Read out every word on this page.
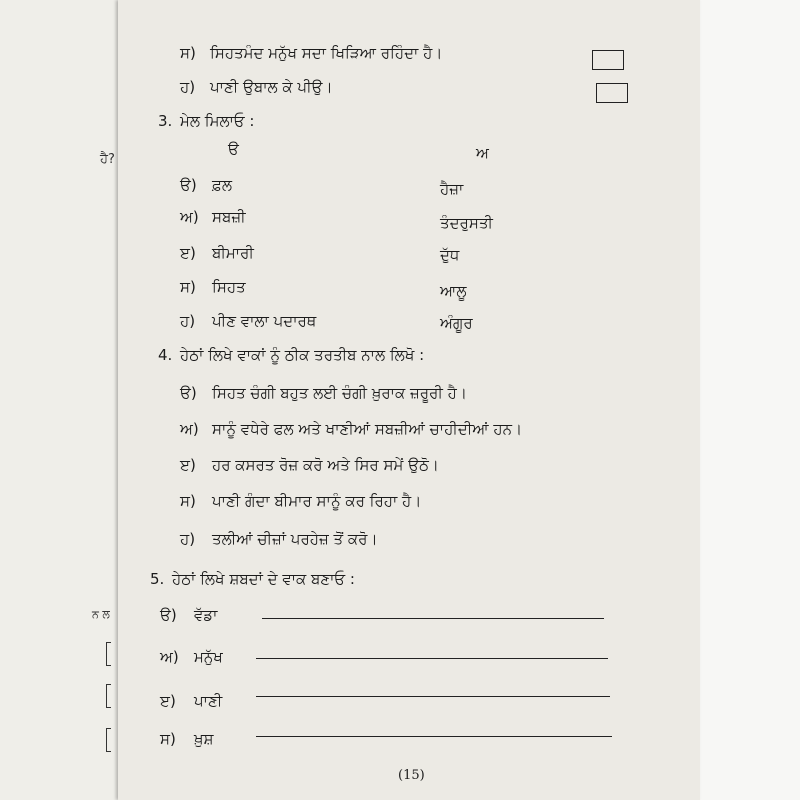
ਹੈ?
ਨ ਲ
ਸ) ਸਿਹਤਮੰਦ ਮਨੁੱਖ ਸਦਾ ਖਿੜਿਆ ਰਹਿੰਦਾ ਹੈ।
ਹ) ਪਾਣੀ ਉਬਾਲ ਕੇ ਪੀਉ।
3. ਮੇਲ ਮਿਲਾਓ :
ੳ	ਅ
ੳ) ਫ਼ਲ	ਹੈਜ਼ਾ
ਅ) ਸਬਜ਼ੀ	ਤੰਦਰੁਸਤੀ
ੲ) ਬੀਮਾਰੀ	ਦੁੱਧ
ਸ) ਸਿਹਤ	ਆਲੂ
ਹ) ਪੀਣ ਵਾਲਾ ਪਦਾਰਥ	ਅੰਗੂਰ
4. ਹੇਠਾਂ ਲਿਖੇ ਵਾਕਾਂ ਨੂੰ ਠੀਕ ਤਰਤੀਬ ਨਾਲ ਲਿਖੋ :
ੳ) ਸਿਹਤ ਚੰਗੀ ਬਹੁਤ ਲਈ ਚੰਗੀ ਖ਼ੁਰਾਕ ਜ਼ਰੂਰੀ ਹੈ।
ਅ) ਸਾਨੂੰ ਵਧੇਰੇ ਫਲ ਅਤੇ ਖਾਣੀਆਂ ਸਬਜ਼ੀਆਂ ਚਾਹੀਦੀਆਂ ਹਨ।
ੲ) ਹਰ ਕਸਰਤ ਰੋਜ਼ ਕਰੋ ਅਤੇ ਸਿਰ ਸਮੇਂ ਉਠੋ।
ਸ) ਪਾਣੀ ਗੰਦਾ ਬੀਮਾਰ ਸਾਨੂੰ ਕਰ ਰਿਹਾ ਹੈ।
ਹ) ਤਲੀਆਂ ਚੀਜ਼ਾਂ ਪਰਹੇਜ਼ ਤੋਂ ਕਰੋ।
5. ਹੇਠਾਂ ਲਿਖੇ ਸ਼ਬਦਾਂ ਦੇ ਵਾਕ ਬਣਾਓ :
ੳ) ਵੱਡਾ
ਅ) ਮਨੁੱਖ
ੲ) ਪਾਣੀ
ਸ) ਖ਼ੁਸ਼
(15)
